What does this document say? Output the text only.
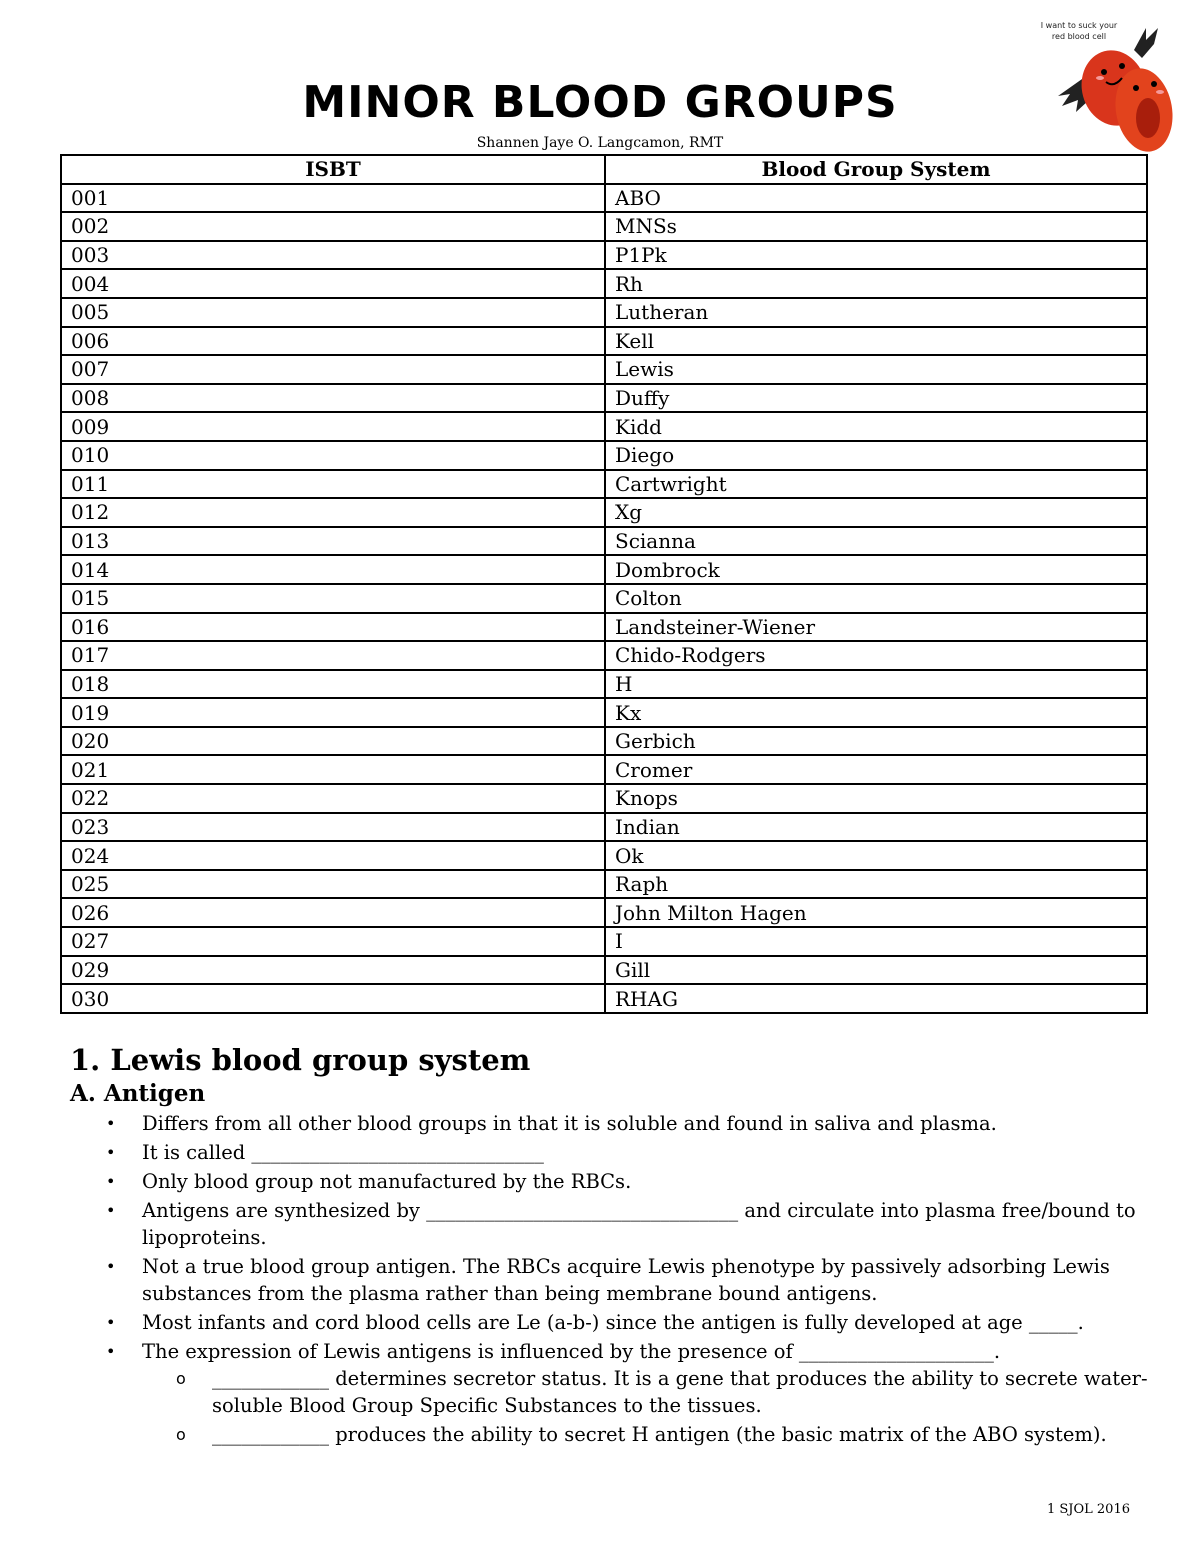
MINOR BLOOD GROUPS
Shannen Jaye O. Langcamon, RMT
I want to suck your red blood cell
ISBT	Blood Group System
001	ABO
002	MNSs
003	P1Pk
004	Rh
005	Lutheran
006	Kell
007	Lewis
008	Duffy
009	Kidd
010	Diego
011	Cartwright
012	Xg
013	Scianna
014	Dombrock
015	Colton
016	Landsteiner-Wiener
017	Chido-Rodgers
018	H
019	Kx
020	Gerbich
021	Cromer
022	Knops
023	Indian
024	Ok
025	Raph
026	John Milton Hagen
027	I
029	Gill
030	RHAG
1. Lewis blood group system
A. Antigen
• Differs from all other blood groups in that it is soluble and found in saliva and plasma.
• It is called ______________________________
• Only blood group not manufactured by the RBCs.
• Antigens are synthesized by ________________________________ and circulate into plasma free/bound to lipoproteins.
• Not a true blood group antigen. The RBCs acquire Lewis phenotype by passively adsorbing Lewis substances from the plasma rather than being membrane bound antigens.
• Most infants and cord blood cells are Le (a-b-) since the antigen is fully developed at age _____.
• The expression of Lewis antigens is influenced by the presence of ____________________.
o ____________ determines secretor status. It is a gene that produces the ability to secrete water-soluble Blood Group Specific Substances to the tissues.
o ____________ produces the ability to secret H antigen (the basic matrix of the ABO system).
1 SJOL 2016
